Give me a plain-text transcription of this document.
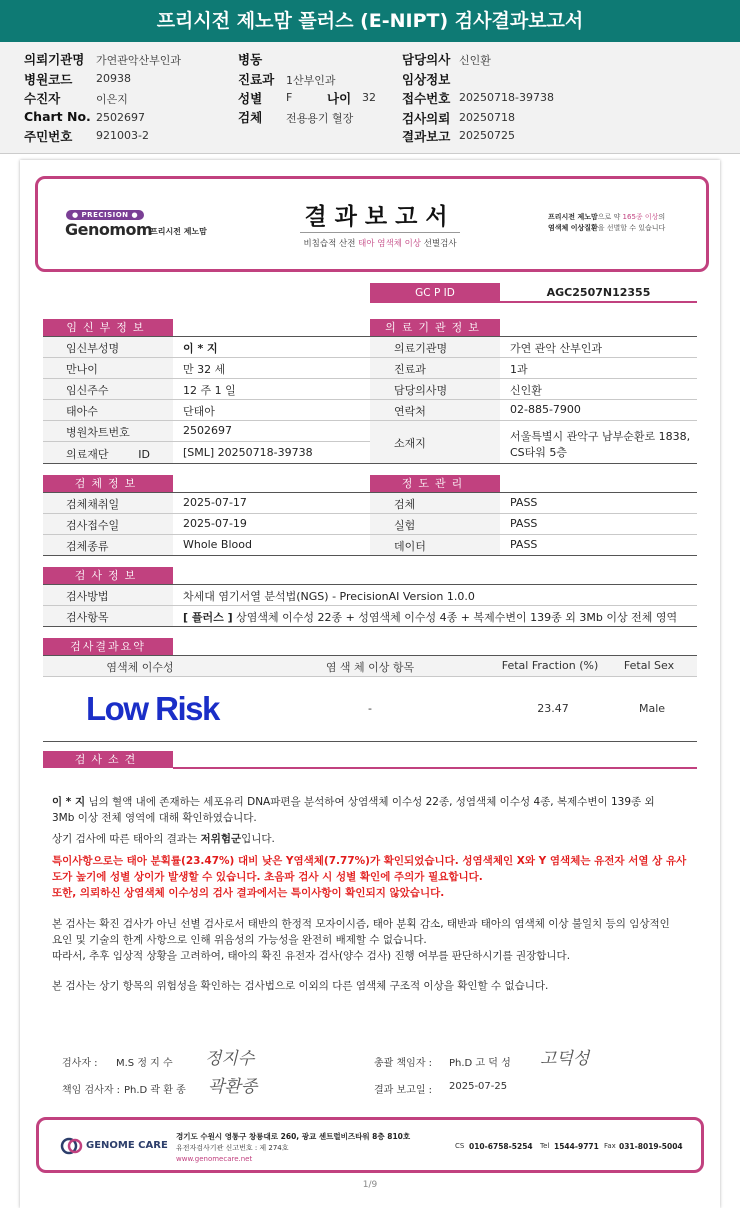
프리시전 제노맘 플러스 (E-NIPT) 검사결과보고서
의뢰기관명 가연관악산부인과
병원코드 20938
수진자	이은지
Chart No. 2502697
주민번호 921003-2
병동
진료과 1산부인과
성별 F	나이 32
검체 전용용기 혈장
담당의사 신인환
임상정보
접수번호 20250718-39738
검사의뢰 20250718
결과보고 20250725
● PRECISION ●
Genomom
프리시전 제노맘
결과보고서
비침습적 산전 태아 염색체 이상 선별검사
프리시전 제노맘으로 약 165종 이상의
염색체 이상질환을 선별할 수 있습니다
GC P ID	AGC2507N12355
임신부정보	의료기관정보
임신부성명	이 * 지
만나이	만 32 세
임신주수	12 주 1 일
태아수	단태아
병원차트번호	2502697
의료재단 ID	[SML] 20250718-39738
의료기관명	가연 관악 산부인과
진료과	1과
담당의사명	신인환
연락처	02-885-7900
소재지
서울특별시 관악구 남부순환로 1838,
CS타워 5층
검체정보	정도관리
검체채취일	2025-07-17
검사접수일	2025-07-19
검체종류	Whole Blood
검체	PASS
실험	PASS
데이터	PASS
검사정보
검사방법	차세대 염기서열 분석법(NGS) - PrecisionAI Version 1.0.0
검사항목	[ 플러스 ] 상염색체 이수성 22종 + 성염색체 이수성 4종 + 복제수변이 139종 외 3Mb 이상 전체 영역
검사결과요약
염색체 이수성	염 색 체 이상 항목	Fetal Fraction (%)	Fetal Sex
Low Risk	-	23.47	Male
검사소견
이 * 지 님의 혈액 내에 존재하는 세포유리 DNA파편을 분석하여 상염색체 이수성 22종, 성염색체 이수성 4종, 복제수변이 139종 외
3Mb 이상 전체 영역에 대해 확인하였습니다.
상기 검사에 따른 태아의 결과는 저위험군입니다.
특이사항으로는 태아 분획률(23.47%) 대비 낮은 Y염색체(7.77%)가 확인되었습니다. 성염색체인 X와 Y 염색체는 유전자 서열 상 유사
도가 높기에 성별 상이가 발생할 수 있습니다. 초음파 검사 시 성별 확인에 주의가 필요합니다.
또한, 의뢰하신 상염색체 이수성의 검사 결과에서는 특이사항이 확인되지 않았습니다.
본 검사는 확진 검사가 아닌 선별 검사로서 태반의 한정적 모자이시즘, 태아 분획 감소, 태반과 태아의 염색체 이상 불일치 등의 임상적인
요인 및 기술의 한계 사항으로 인해 위음성의 가능성을 완전히 배제할 수 없습니다.
따라서, 추후 임상적 상황을 고려하여, 태아의 확진 유전자 검사(양수 검사) 진행 여부를 판단하시기를 권장합니다.
본 검사는 상기 항목의 위험성을 확인하는 검사법으로 이외의 다른 염색체 구조적 이상을 확인할 수 없습니다.
검사자 : M.S 정 지 수 정지수
책임 검사자 : Ph.D 곽 환 종 곽환종
총괄 책임자 : Ph.D 고 덕 성 고덕성
결과 보고일 : 2025-07-25
GENOME CARE
경기도 수원시 영통구 창룡대로 260, 광교 센트럴비즈타워 8층 810호
유전자검사기관 신고번호 : 제 274호
www.genomecare.net
CS 010-6758-5254 Tel 1544-9771 Fax 031-8019-5004
1/9
